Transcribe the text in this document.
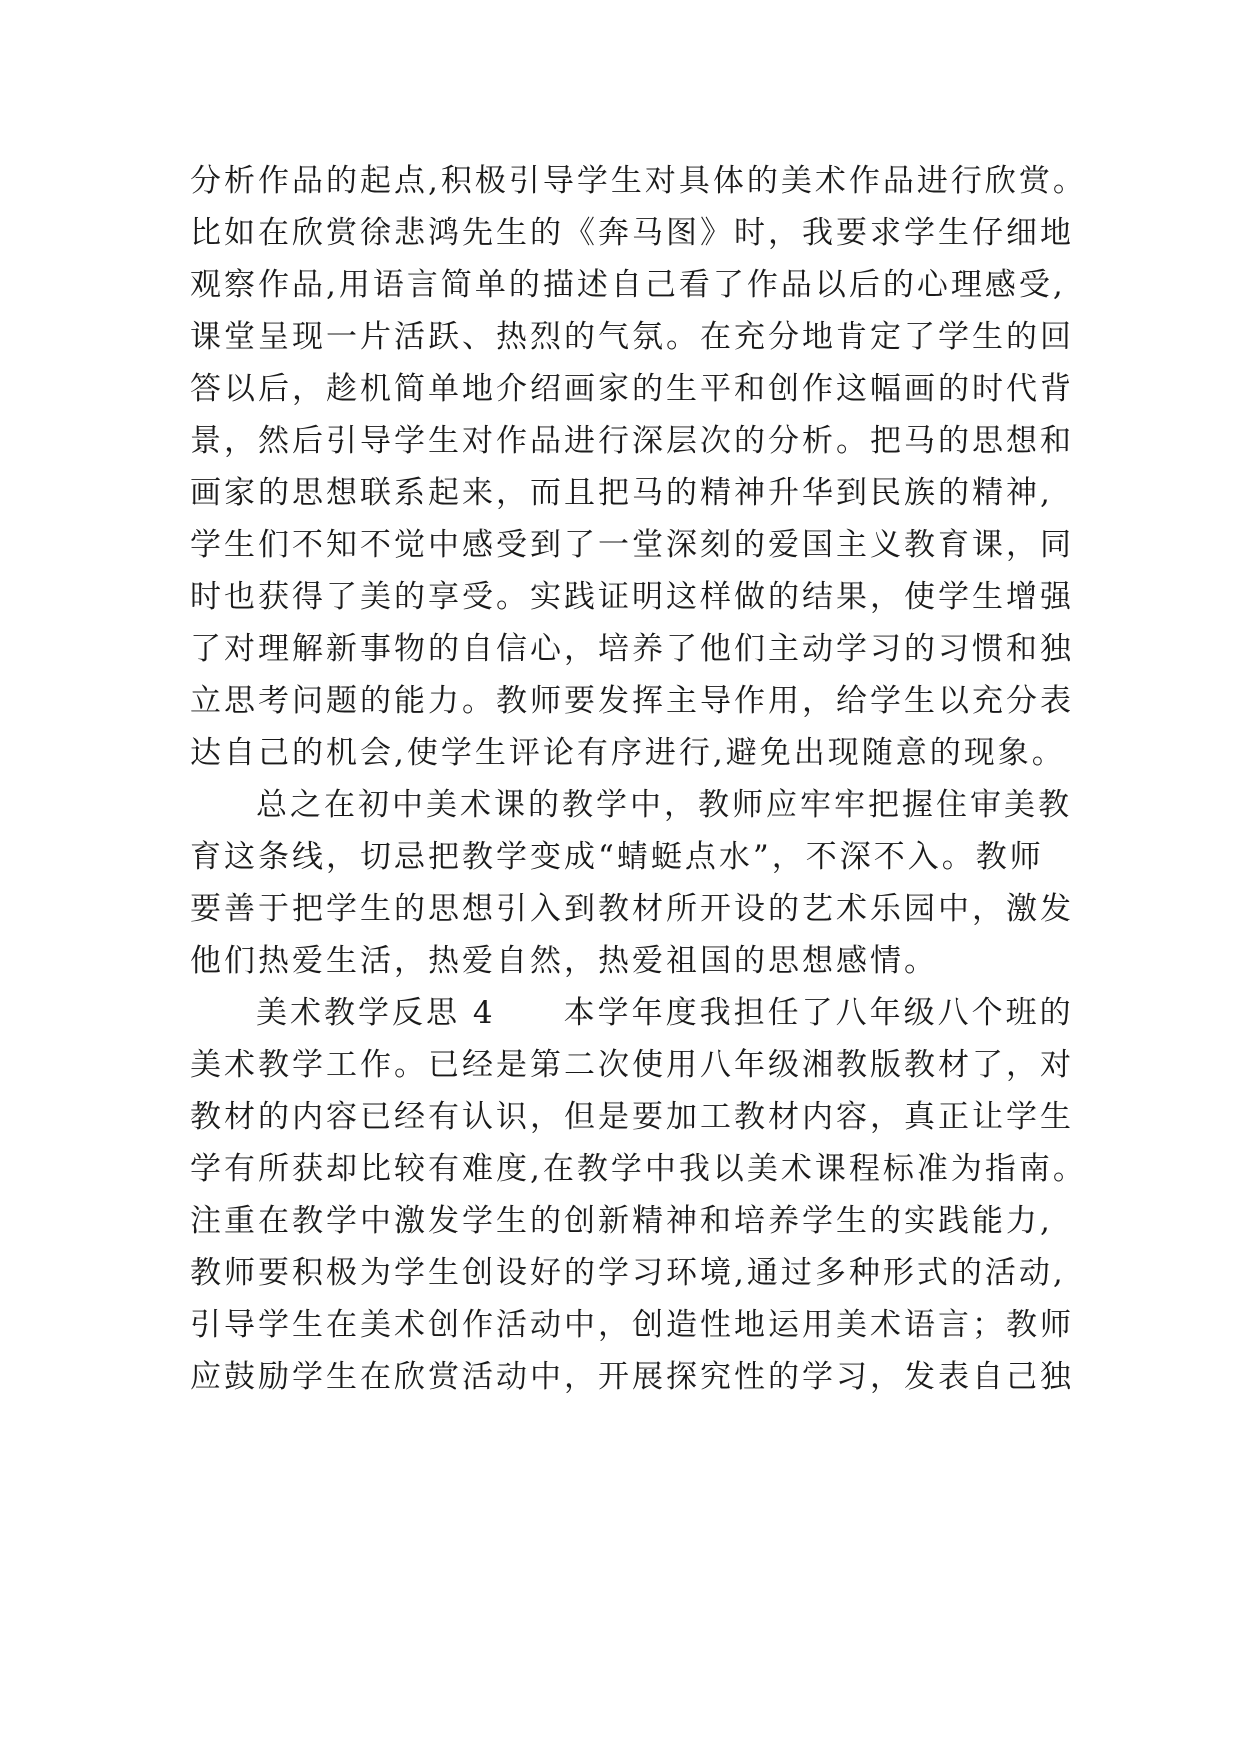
分析作品的起点,积极引导学生对具体的美术作品进行欣赏。
比如在欣赏徐悲鸿先生的《奔马图》时，我要求学生仔细地
观察作品,用语言简单的描述自己看了作品以后的心理感受,
课堂呈现一片活跃、热烈的气氛。在充分地肯定了学生的回
答以后，趁机简单地介绍画家的生平和创作这幅画的时代背
景，然后引导学生对作品进行深层次的分析。把马的思想和
画家的思想联系起来，而且把马的精神升华到民族的精神,
学生们不知不觉中感受到了一堂深刻的爱国主义教育课，同
时也获得了美的享受。实践证明这样做的结果，使学生增强
了对理解新事物的自信心，培养了他们主动学习的习惯和独
立思考问题的能力。教师要发挥主导作用，给学生以充分表
达自己的机会,使学生评论有序进行,避免出现随意的现象。
总之在初中美术课的教学中，教师应牢牢把握住审美教
育这条线，切忌把教学变成“蜻蜓点水”，不深不入。教师
要善于把学生的思想引入到教材所开设的艺术乐园中，激发
他们热爱生活，热爱自然，热爱祖国的思想感情。
美术教学反思 4　　本学年度我担任了八年级八个班的
美术教学工作。已经是第二次使用八年级湘教版教材了，对
教材的内容已经有认识，但是要加工教材内容，真正让学生
学有所获却比较有难度,在教学中我以美术课程标准为指南。
注重在教学中激发学生的创新精神和培养学生的实践能力,
教师要积极为学生创设好的学习环境,通过多种形式的活动,
引导学生在美术创作活动中，创造性地运用美术语言；教师
应鼓励学生在欣赏活动中，开展探究性的学习，发表自己独
